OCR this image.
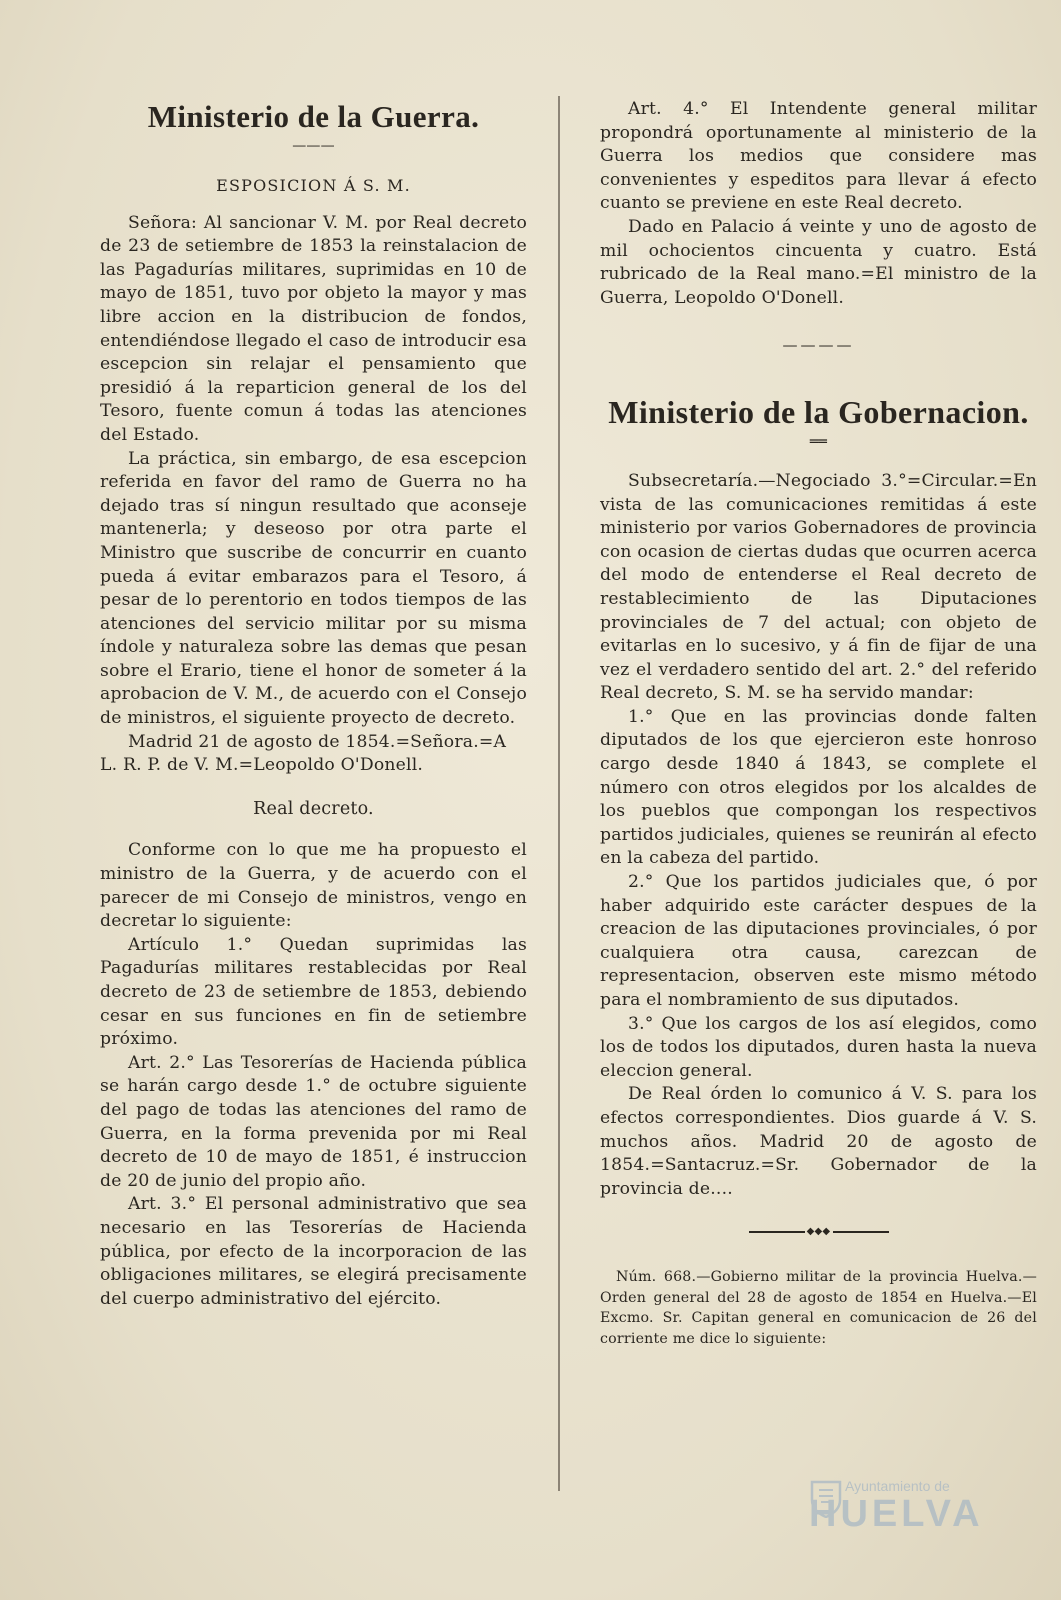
Ministerio de la Guerra.
———
ESPOSICION Á S. M.

Señora: Al sancionar V. M. por Real decreto de 23 de setiembre de 1853 la reinstalacion de las Pagadurías militares, suprimidas en 10 de mayo de 1851, tuvo por objeto la mayor y mas libre accion en la distribucion de fondos, entendiéndose llegado el caso de introducir esa escepcion sin relajar el pensamiento que presidió á la reparticion general de los del Tesoro, fuente comun á todas las atenciones del Estado.

La práctica, sin embargo, de esa escepcion referida en favor del ramo de Guerra no ha dejado tras sí ningun resultado que aconseje mantenerla; y deseoso por otra parte el Ministro que suscribe de concurrir en cuanto pueda á evitar embarazos para el Tesoro, á pesar de lo perentorio en todos tiempos de las atenciones del servicio militar por su misma índole y naturaleza sobre las demas que pesan sobre el Erario, tiene el honor de someter á la aprobacion de V. M., de acuerdo con el Consejo de ministros, el siguiente proyecto de decreto.

Madrid 21 de agosto de 1854.=Señora.=A L. R. P. de V. M.=Leopoldo O'Donell.

Real decreto.

Conforme con lo que me ha propuesto el ministro de la Guerra, y de acuerdo con el parecer de mi Consejo de ministros, vengo en decretar lo siguiente:

Artículo 1.° Quedan suprimidas las Pagadurías militares restablecidas por Real decreto de 23 de setiembre de 1853, debiendo cesar en sus funciones en fin de setiembre próximo.

Art. 2.° Las Tesorerías de Hacienda pública se harán cargo desde 1.° de octubre siguiente del pago de todas las atenciones del ramo de Guerra, en la forma prevenida por mi Real decreto de 10 de mayo de 1851, é instruccion de 20 de junio del propio año.

Art. 3.° El personal administrativo que sea necesario en las Tesorerías de Hacienda pública, por efecto de la incorporacion de las obligaciones militares, se elegirá precisamente del cuerpo administrativo del ejército.

Art. 4.° El Intendente general militar propondrá oportunamente al ministerio de la Guerra los medios que considere mas convenientes y espeditos para llevar á efecto cuanto se previene en este Real decreto.

Dado en Palacio á veinte y uno de agosto de mil ochocientos cincuenta y cuatro. Está rubricado de la Real mano.=El ministro de la Guerra, Leopoldo O'Donell.

————
Ministerio de la Gobernacion.
══

Subsecretaría.—Negociado 3.°=Circular.=En vista de las comunicaciones remitidas á este ministerio por varios Gobernadores de provincia con ocasion de ciertas dudas que ocurren acerca del modo de entenderse el Real decreto de restablecimiento de las Diputaciones provinciales de 7 del actual; con objeto de evitarlas en lo sucesivo, y á fin de fijar de una vez el verdadero sentido del art. 2.° del referido Real decreto, S. M. se ha servido mandar:

1.° Que en las provincias donde falten diputados de los que ejercieron este honroso cargo desde 1840 á 1843, se complete el número con otros elegidos por los alcaldes de los pueblos que compongan los respectivos partidos judiciales, quienes se reunirán al efecto en la cabeza del partido.

2.° Que los partidos judiciales que, ó por haber adquirido este carácter despues de la creacion de las diputaciones provinciales, ó por cualquiera otra causa, carezcan de representacion, observen este mismo método para el nombramiento de sus diputados.

3.° Que los cargos de los así elegidos, como los de todos los diputados, duren hasta la nueva eleccion general.

De Real órden lo comunico á V. S. para los efectos correspondientes. Dios guarde á V. S. muchos años. Madrid 20 de agosto de 1854.=Santacruz.=Sr. Gobernador de la provincia de....

◆◆◆

Núm. 668.—Gobierno militar de la provincia Huelva.—Orden general del 28 de agosto de 1854 en Huelva.—El Excmo. Sr. Capitan general en comunicacion de 26 del corriente me dice lo siguiente:

Ayuntamiento de
HUELVA
